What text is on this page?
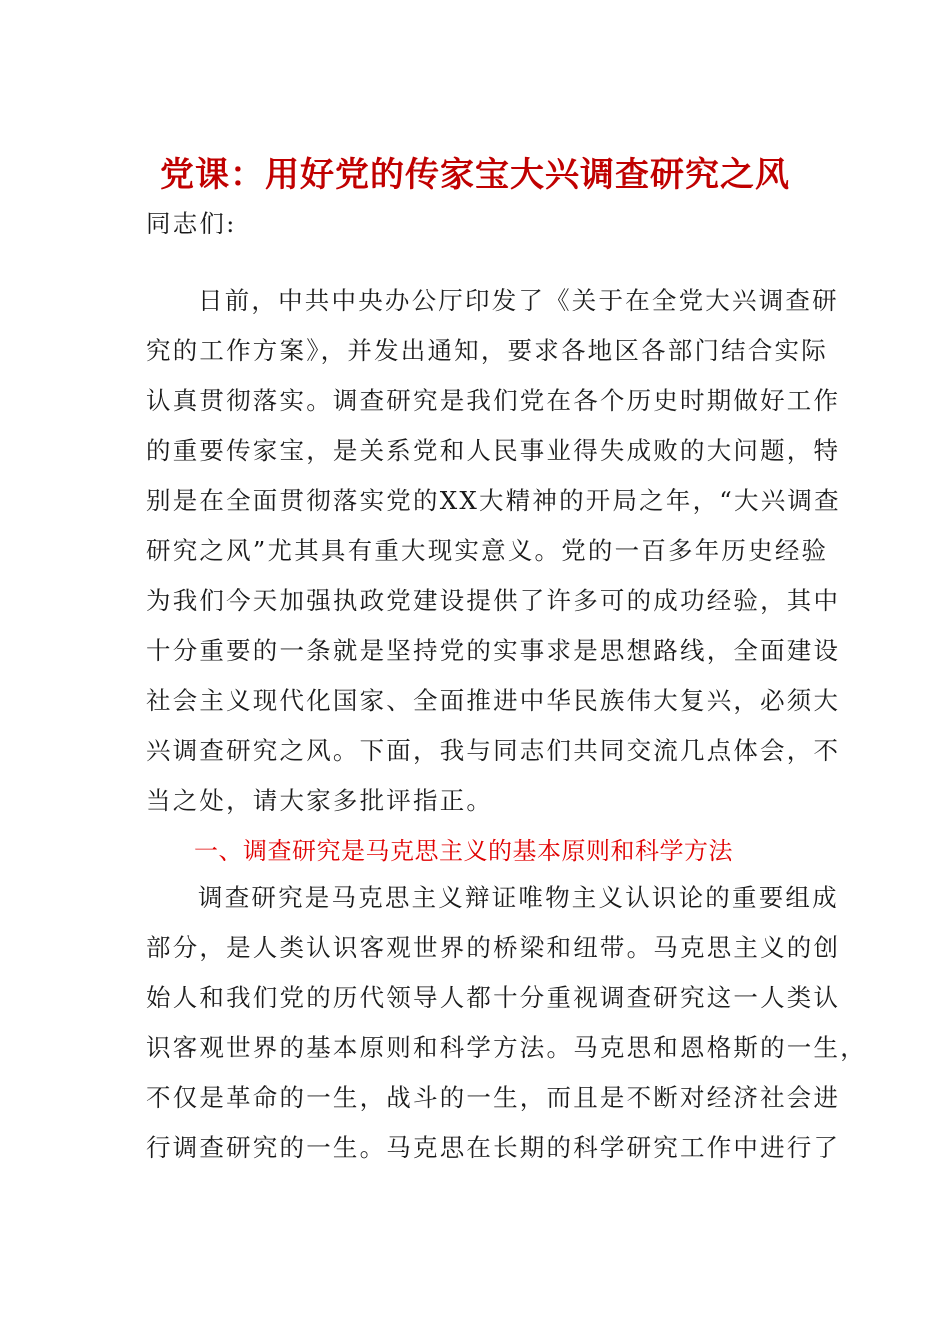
党课：用好党的传家宝大兴调查研究之风
同志们:
日前，中共中央办公厅印发了《关于在全党大兴调查研
究的工作方案》，并发出通知，要求各地区各部门结合实际
认真贯彻落实。调查研究是我们党在各个历史时期做好工作
的重要传家宝，是关系党和人民事业得失成败的大问题，特
别是在全面贯彻落实党的XX大精神的开局之年，“大兴调查
研究之风”尤其具有重大现实意义。党的一百多年历史经验
为我们今天加强执政党建设提供了许多可的成功经验，其中
十分重要的一条就是坚持党的实事求是思想路线，全面建设
社会主义现代化国家、全面推进中华民族伟大复兴，必须大
兴调查研究之风。下面，我与同志们共同交流几点体会，不
当之处，请大家多批评指正。
一、调查研究是马克思主义的基本原则和科学方法
调查研究是马克思主义辩证唯物主义认识论的重要组成
部分，是人类认识客观世界的桥梁和纽带。马克思主义的创
始人和我们党的历代领导人都十分重视调查研究这一人类认
识客观世界的基本原则和科学方法。马克思和恩格斯的一生，
不仅是革命的一生，战斗的一生，而且是不断对经济社会进
行调查研究的一生。马克思在长期的科学研究工作中进行了
